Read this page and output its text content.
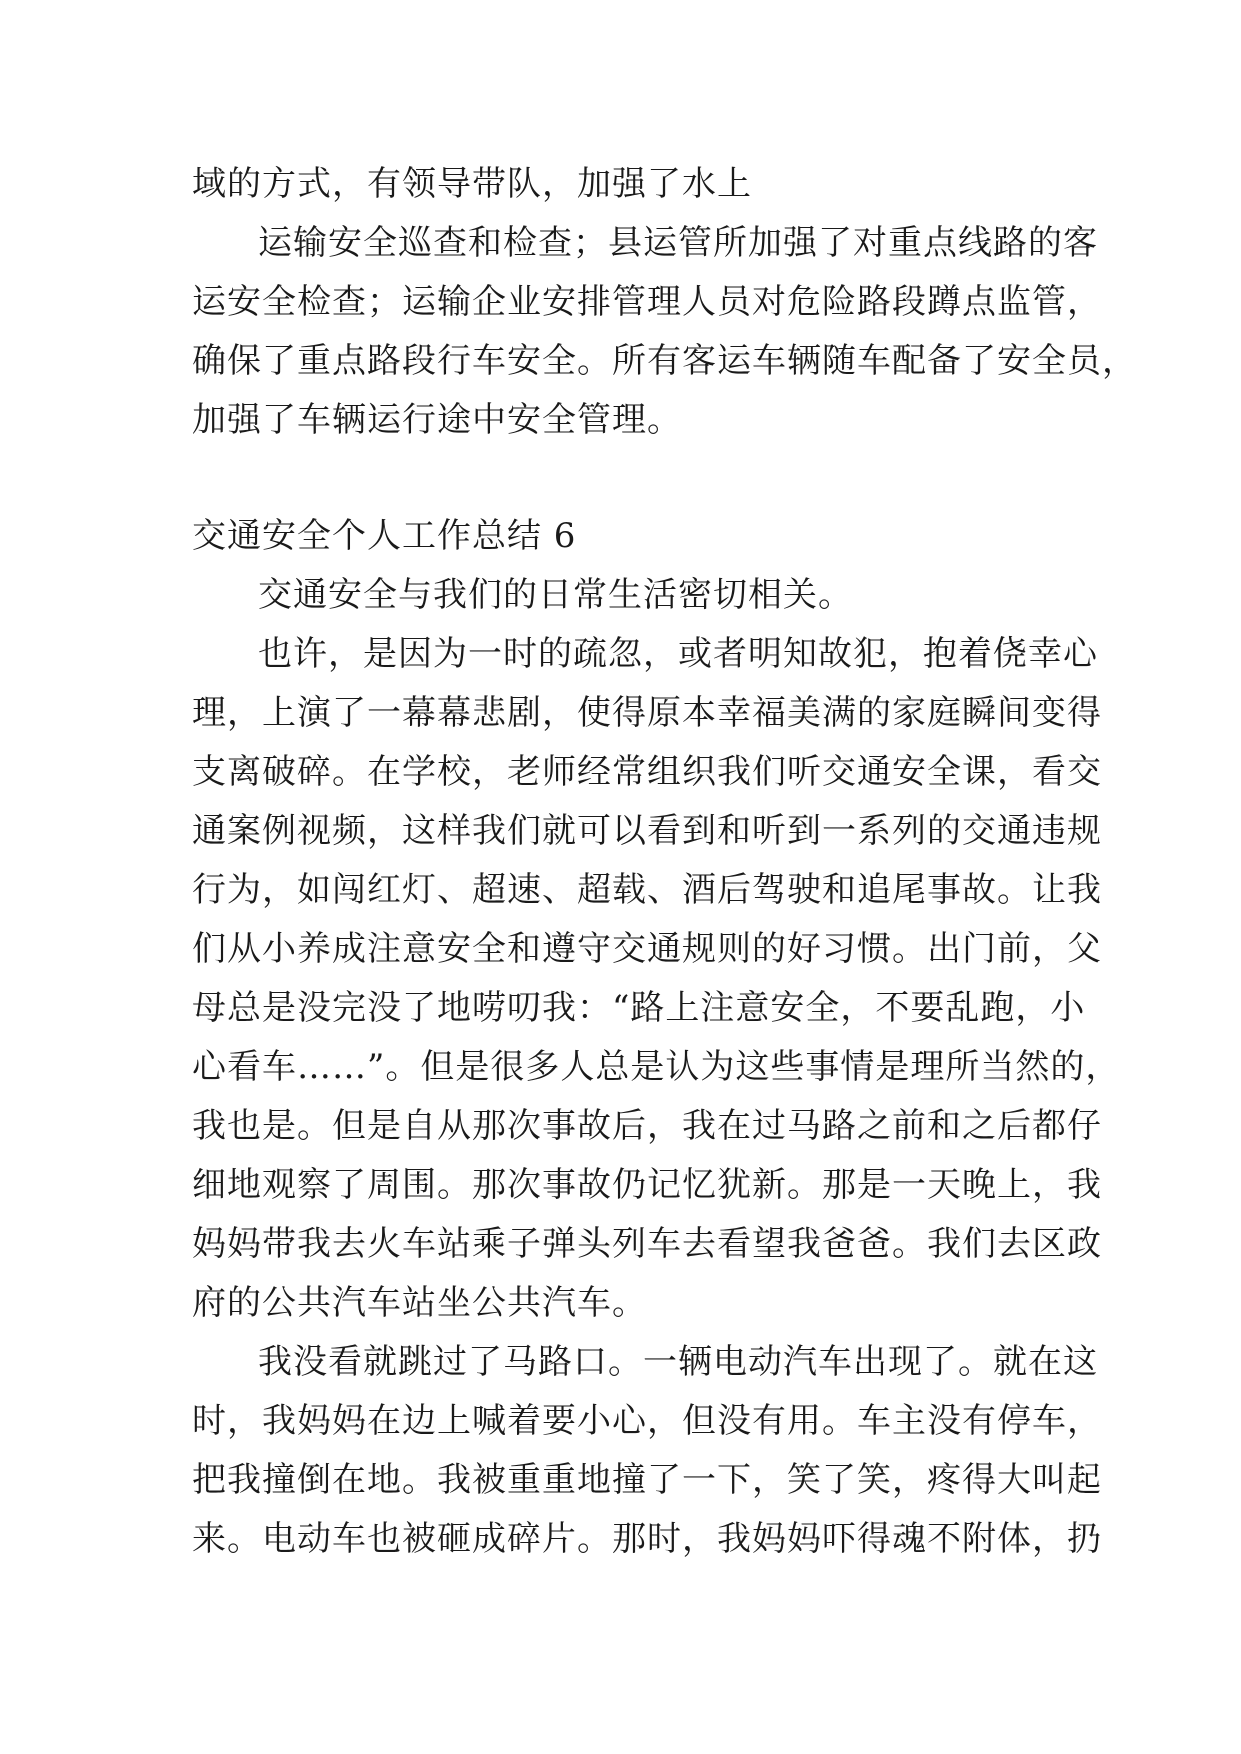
域的方式，有领导带队，加强了水上
运输安全巡查和检查；县运管所加强了对重点线路的客
运安全检查；运输企业安排管理人员对危险路段蹲点监管，
确保了重点路段行车安全。所有客运车辆随车配备了安全员，
加强了车辆运行途中安全管理。
交通安全个人工作总结 6
交通安全与我们的日常生活密切相关。
也许，是因为一时的疏忽，或者明知故犯，抱着侥幸心
理，上演了一幕幕悲剧，使得原本幸福美满的家庭瞬间变得
支离破碎。在学校，老师经常组织我们听交通安全课，看交
通案例视频，这样我们就可以看到和听到一系列的交通违规
行为，如闯红灯、超速、超载、酒后驾驶和追尾事故。让我
们从小养成注意安全和遵守交通规则的好习惯。出门前，父
母总是没完没了地唠叨我：“路上注意安全，不要乱跑，小
心看车……”。但是很多人总是认为这些事情是理所当然的，
我也是。但是自从那次事故后，我在过马路之前和之后都仔
细地观察了周围。那次事故仍记忆犹新。那是一天晚上，我
妈妈带我去火车站乘子弹头列车去看望我爸爸。我们去区政
府的公共汽车站坐公共汽车。
我没看就跳过了马路口。一辆电动汽车出现了。就在这
时，我妈妈在边上喊着要小心，但没有用。车主没有停车，
把我撞倒在地。我被重重地撞了一下，笑了笑，疼得大叫起
来。电动车也被砸成碎片。那时，我妈妈吓得魂不附体，扔
